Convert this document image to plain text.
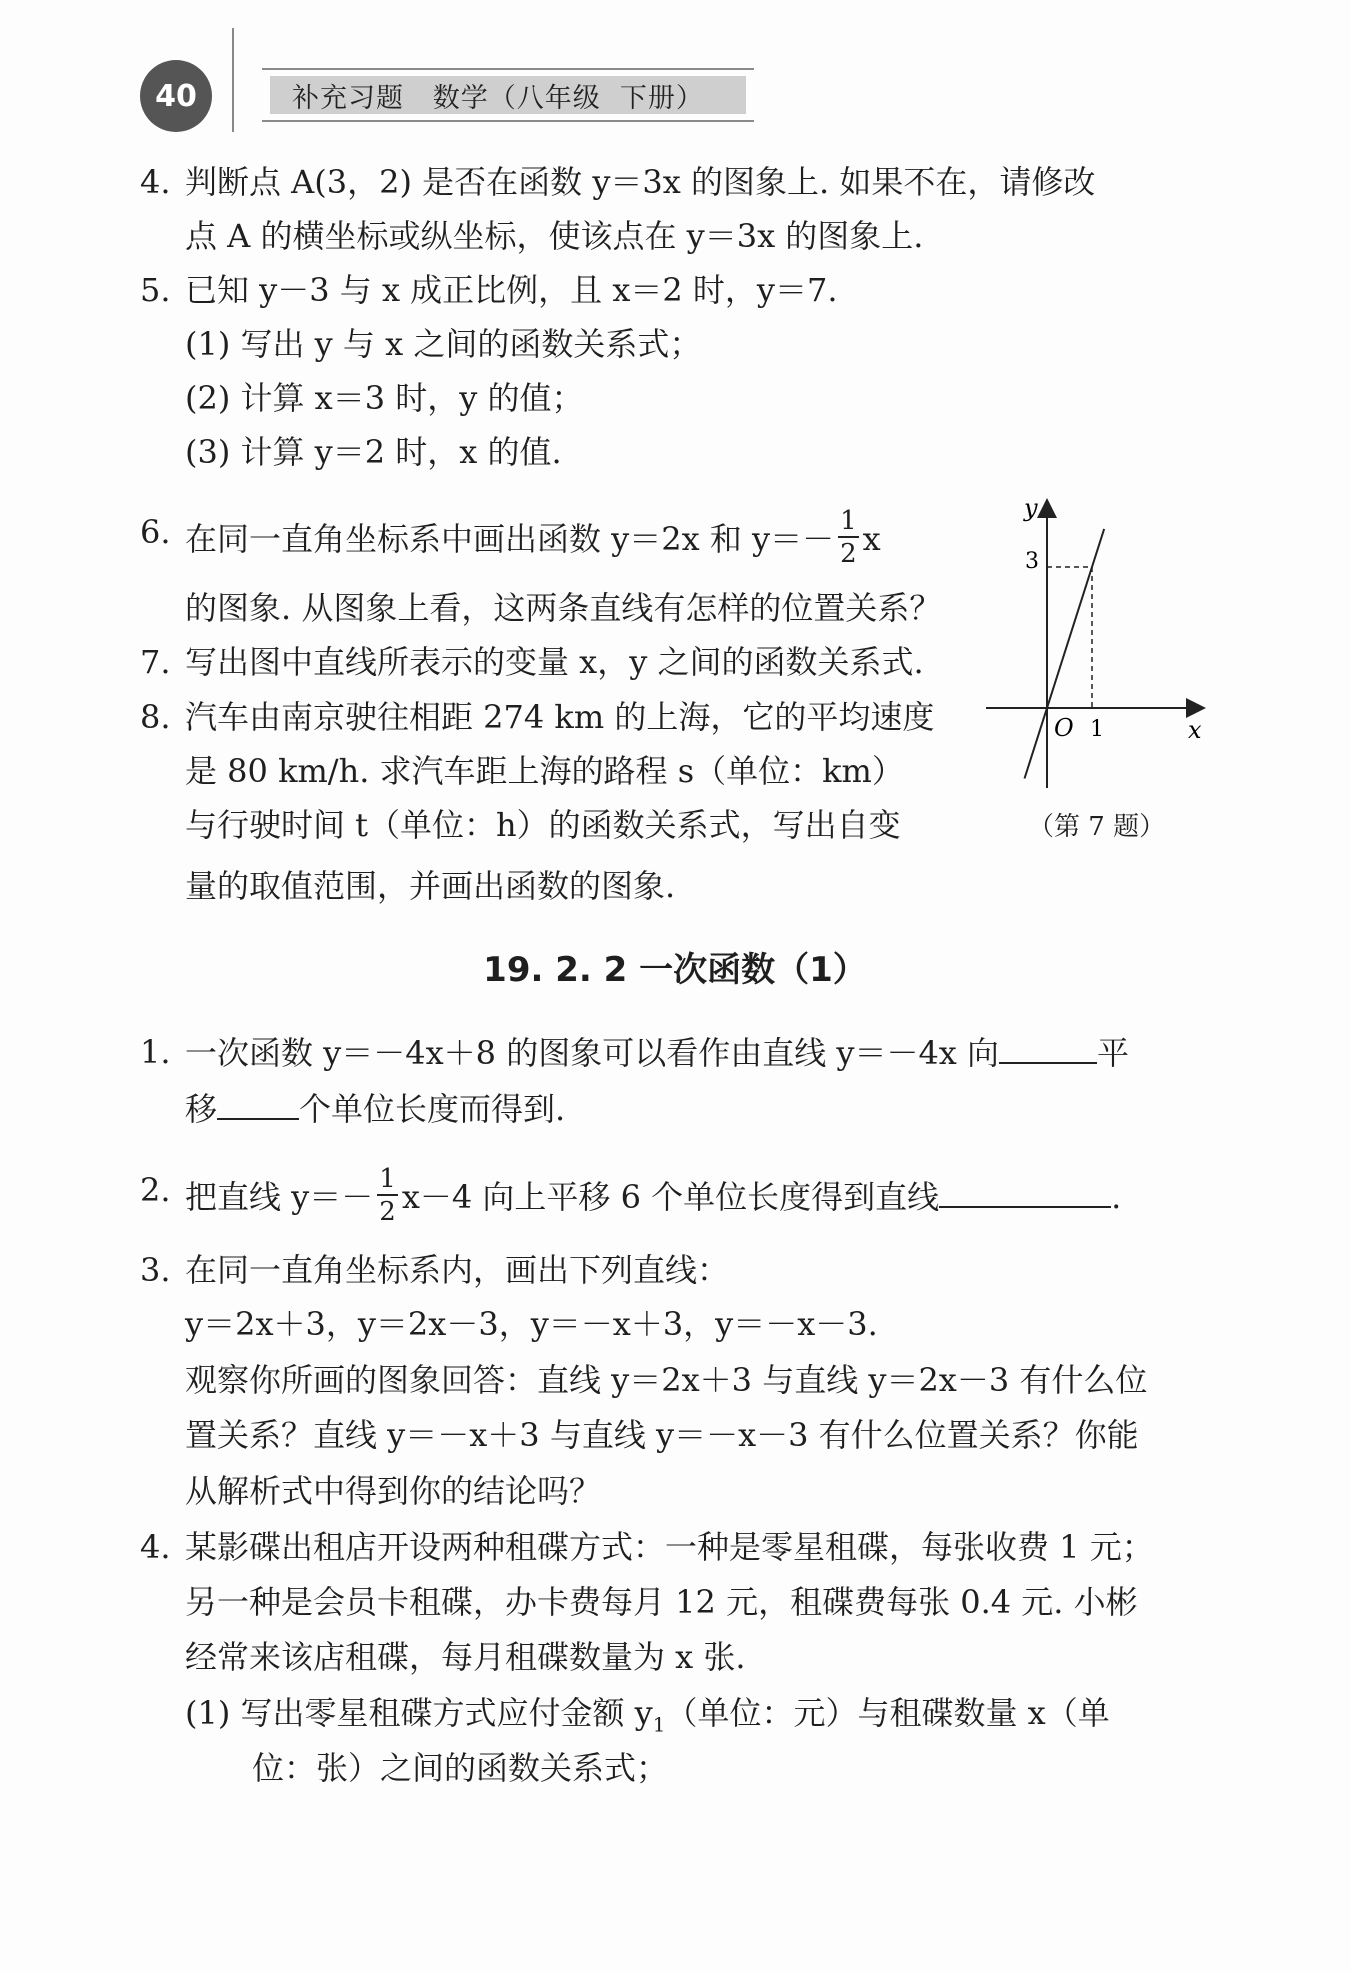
40	补充习题   数学（八年级  下册）
4. 判断点 A(3，2) 是否在函数 y＝3x 的图象上. 如果不在，请修改
点 A 的横坐标或纵坐标，使该点在 y＝3x 的图象上.
5. 已知 y－3 与 x 成正比例，且 x＝2 时，y＝7.
(1) 写出 y 与 x 之间的函数关系式；
(2) 计算 x＝3 时，y 的值；
(3) 计算 y＝2 时，x 的值.
6. 在同一直角坐标系中画出函数 y＝2x 和 $y=- \frac{1}{2}$ x
的图象. 从图象上看，这两条直线有怎样的位置关系？
7. 写出图中直线所表示的变量 x，y 之间的函数关系式.
8. 汽车由南京驶往相距 274 km 的上海，它的平均速度
是 80 km/h. 求汽车距上海的路程 s（单位：km）
与行驶时间 t（单位：h）的函数关系式，写出自变
量的取值范围，并画出函数的图象.
y
x
O 1
3
（第 7 题）
19. 2. 2 一次函数（1）
1. 一次函数 y＝－4x＋8 的图象可以看作由直线 y＝－4x 向	平
移	个单位长度而得到.
2. 把直线 $y=- \frac{1}{2} x-4$ 向上平移 6 个单位长度得到直线	.
3. 在同一直角坐标系内，画出下列直线：
y＝2x＋3，y＝2x－3，y＝－x＋3，y＝－x－3.
观察你所画的图象回答：直线 y＝2x＋3 与直线 y＝2x－3 有什么位
置关系？直线 y＝－x＋3 与直线 y＝－x－3 有什么位置关系？你能
从解析式中得到你的结论吗？
4. 某影碟出租店开设两种租碟方式：一种是零星租碟，每张收费 1 元；
另一种是会员卡租碟，办卡费每月 12 元，租碟费每张 0.4 元. 小彬
经常来该店租碟，每月租碟数量为 x 张.
(1) 写出零星租碟方式应付金额 $y_1$（单位：元）与租碟数量 x（单
位：张）之间的函数关系式；
